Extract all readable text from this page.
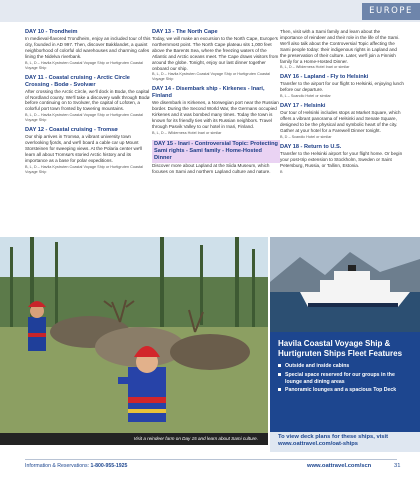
EUROPE
DAY 10 - Trondheim

In medieval-flavored Trondheim, enjoy an included tour of this city, founded in AD 997. Then, discover Bakklandet, a quaint neighborhood of colorful old warehouses and charming cafes lining the Nidelva riverbank.

B, L, D – Havila Kystruten Coastal Voyage Ship or Hurtigruten Coastal Voyage Ship
DAY 11 - Coastal cruising - Arctic Circle Crossing - Bodø - Svolvær

After crossing the Arctic Circle, we'll dock in Bodø, the capital of Nordland county. We'll take a discovery walk through Bodø before continuing on to Svolvær, the capital of Lofoten, a colorful port town fronted by towering mountains.

B, L, D – Havila Kystruten Coastal Voyage Ship or Hurtigruten Coastal Voyage Ship
DAY 12 - Coastal cruising - Tromsø

Our ship arrives in Tromsø, a vibrant university town overlooking fjords, and we'll board a cable car up Mount Storsteinen for sweeping views. At the Polaria center we'll learn all about Tromsø's storied Arctic history and its importance as a base for polar expeditions.

B, L, D – Havila Kystruten Coastal Voyage Ship or Hurtigruten Coastal Voyage Ship
DAY 13 - The North Cape

Today, we will make an excursion to the North Cape, Europe's northernmost point. The North Cape plateau sits 1,000 feet above the Barents Sea, where the freezing waters of the Atlantic and Arctic oceans meet. The Cape draws visitors from around the globe. Tonight, enjoy our last dinner together onboard our ship.

B, L, D – Havila Kystruten Coastal Voyage Ship or Hurtigruten Coastal Voyage Ship
DAY 14 - Disembark ship - Kirkenes - Inari, Finland

We disembark in Kirkenes, a Norwegian port near the Russian border. During the Second World War, the Germans occupied Kirkenes and it was bombed many times. Today the town is known for its friendly ties with its Russian neighbors. Travel through Pasvik Valley to our hotel in Inari, Finland.

B, L, D – Wilderness Hotel Inari or similar
DAY 15 - Inari - Controversial Topic: Protecting Sami rights - Sami family - Home-Hosted Dinner

Discover more about Lapland at the Siida Museum, which focuses on Sami and northern Lapland culture and nature.

Then, visit with a Sami family and learn about the importance of reindeer and their role in the life of the Sami. We'll also talk about the Controversial Topic affecting the Sami people today: their indigenous rights in Lapland and the preservation of their culture. Later, we'll join a Finnish family for a Home-Hosted Dinner.

B, L, D – Wilderness Hotel Inari or similar
DAY 16 - Lapland - Fly to Helsinki

Transfer to the airport for our flight to Helsinki, enjoying lunch before our departure.

B, L – Scandic Hotel or similar
DAY 17 - Helsinki

Our tour of Helsinki includes stops at Market Square, which offers a vibrant panorama of Helsinki and Senate Square, designed to be the physical and symbolic heart of the city. Gather at your hotel for a Farewell Dinner tonight.

B, D – Scandic Hotel or similar
DAY 18 - Return to U.S.

Transfer to the Helsinki airport for your flight home. Or begin your post-trip extension to Stockholm, Sweden or Saint Petersburg, Russia, or Tallinn, Estonia.

B
Visit a reindeer farm on Day 15 and learn about Sami culture.
Havila Coastal Voyage Ship & Hurtigruten Ships Fleet Features
Outside and inside cabins
Special space reserved for our groups in the lounge and dining areas
Panoramic lounges and a spacious Top Deck

To view deck plans for these ships, visit

www.oattravel.com/oat-ships

Information & Reservations: 1-800-955-1925	www.oattravel.com/scn	31
